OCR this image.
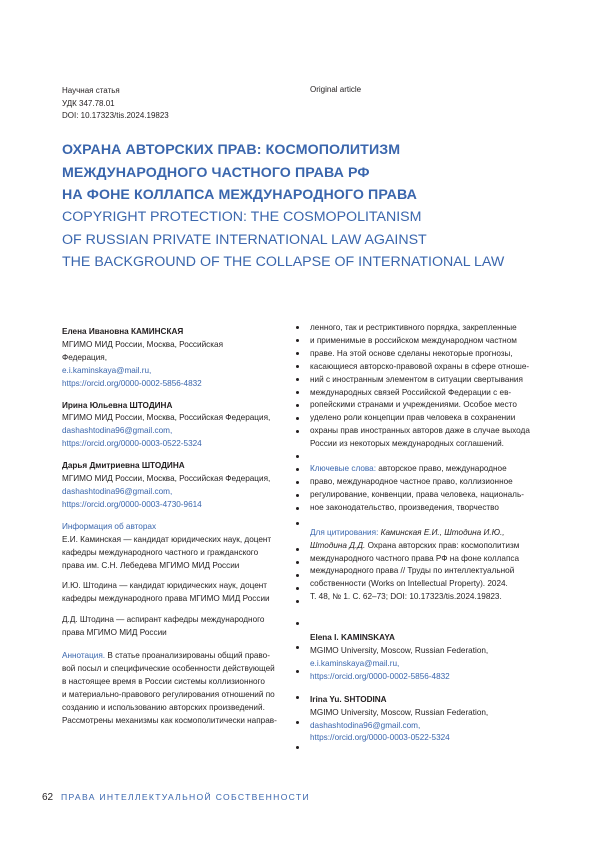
Научная статья
УДК 347.78.01
DOI: 10.17323/tis.2024.19823
Original article
ОХРАНА АВТОРСКИХ ПРАВ: КОСМОПОЛИТИЗМ
МЕЖДУНАРОДНОГО ЧАСТНОГО ПРАВА РФ
НА ФОНЕ КОЛЛАПСА МЕЖДУНАРОДНОГО ПРАВА
COPYRIGHT PROTECTION: THE COSMOPOLITANISM
OF RUSSIAN PRIVATE INTERNATIONAL LAW AGAINST
THE BACKGROUND OF THE COLLAPSE OF INTERNATIONAL LAW
Елена Ивановна КАМИНСКАЯ
МГИМО МИД России, Москва, Российская
Федерация,
e.i.kaminskaya@mail.ru,
https://orcid.org/0000-0002-5856-4832
Ирина Юльевна ШТОДИНА
МГИМО МИД России, Москва, Российская Федерация,
dashashtodina96@gmail.com,
https://orcid.org/0000-0003-0522-5324
Дарья Дмитриевна ШТОДИНА
МГИМО МИД России, Москва, Российская Федерация,
dashashtodina96@gmail.com,
https://orcid.org/0000-0003-4730-9614
Информация об авторах
Е.И. Каминская — кандидат юридических наук, доцент
кафедры международного частного и гражданского
права им. С.Н. Лебедева МГИМО МИД России
И.Ю. Штодина — кандидат юридических наук, доцент
кафедры международного права МГИМО МИД России
Д.Д. Штодина — аспирант кафедры международного
права МГИМО МИД России
Аннотация. В статье проанализированы общий право-
вой посыл и специфические особенности действующей
в настоящее время в России системы коллизионного
и материально-правового регулирования отношений по
созданию и использованию авторских произведений.
Рассмотрены механизмы как космополитически направ-
ленного, так и рестриктивного порядка, закрепленные
и применимые в российском международном частном
праве. На этой основе сделаны некоторые прогнозы,
касающиеся авторско-правовой охраны в сфере отноше-
ний с иностранным элементом в ситуации свертывания
международных связей Российской Федерации с ев-
ропейскими странами и учреждениями. Особое место
уделено роли концепции прав человека в сохранении
охраны прав иностранных авторов даже в случае выхода
России из некоторых международных соглашений.
Ключевые слова: авторское право, международное
право, международное частное право, коллизионное
регулирование, конвенции, права человека, националь-
ное законодательство, произведения, творчество
Для цитирования: Каминская Е.И., Штодина И.Ю.,
Штодина Д.Д. Охрана авторских прав: космополитизм
международного частного права РФ на фоне коллапса
международного права // Труды по интеллектуальной
собственности (Works on Intellectual Property). 2024.
Т. 48, № 1. С. 62–73; DOI: 10.17323/tis.2024.19823.
Elena I. KAMINSKAYA
MGIMO University, Moscow, Russian Federation,
e.i.kaminskaya@mail.ru,
https://orcid.org/0000-0002-5856-4832
Irina Yu. SHTODINA
MGIMO University, Moscow, Russian Federation,
dashashtodina96@gmail.com,
https://orcid.org/0000-0003-0522-5324
62 ПРАВА ИНТЕЛЛЕКТУАЛЬНОЙ СОБСТВЕННОСТИ
